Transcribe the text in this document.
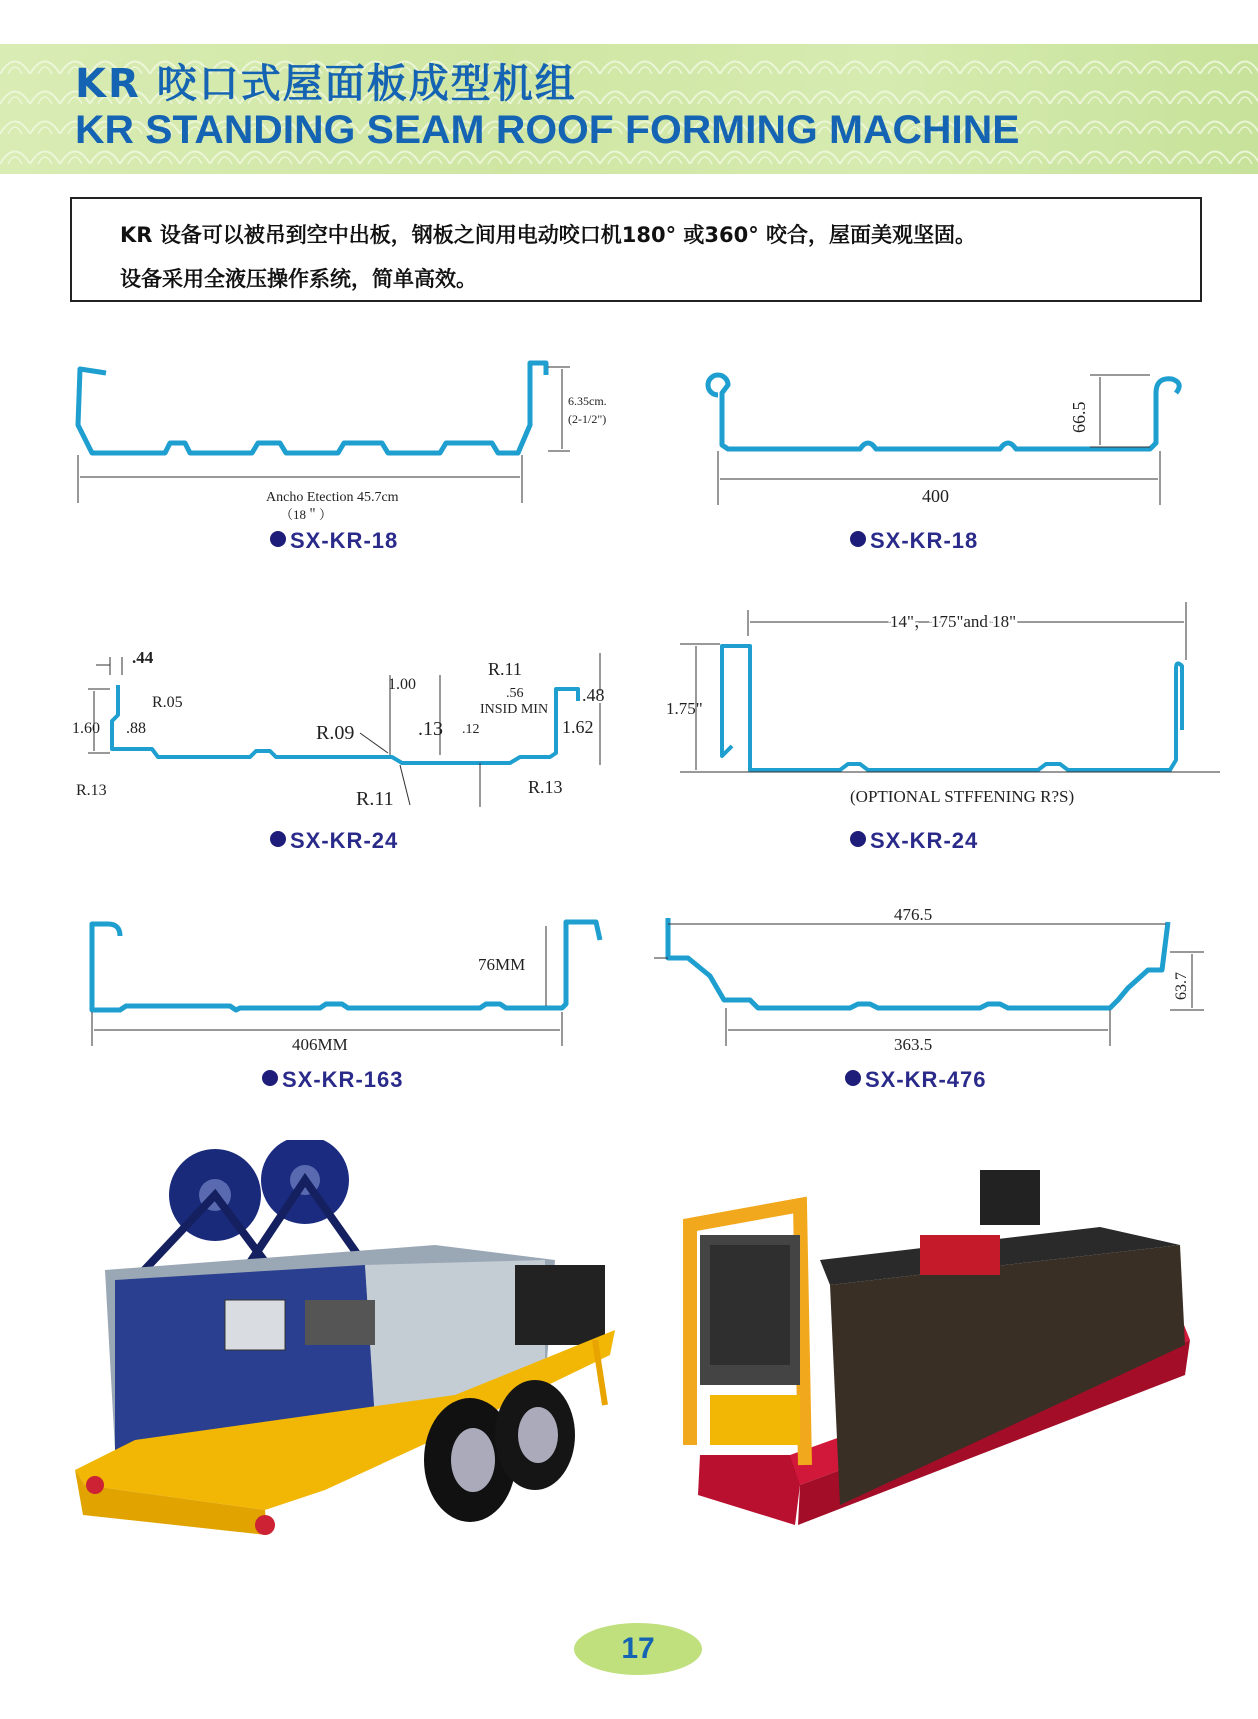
KR 咬口式屋面板成型机组
KR STANDING SEAM ROOF FORMING MACHINE

KR 设备可以被吊到空中出板，钢板之间用电动咬口机180° 或360° 咬合，屋面美观坚固。

设备采用全液压操作系统，简单高效。

Ancho Etection 45.7cm
（18＂）
6.35cm.
(2-1/2")
SX-KR-18
400
66.5
SX-KR-18
.44
R.05
1.60 .88
R.13
R.09
1.00
.13 .12
R.11
R.11
.56
INSID MIN
.48
1.62
R.13
SX-KR-24
14"，175"and 18"
1.75"
(OPTIONAL STFFENING R?S)
SX-KR-24
76MM
406MM
SX-KR-163
476.5
363.5
63.7
SX-KR-476
17
